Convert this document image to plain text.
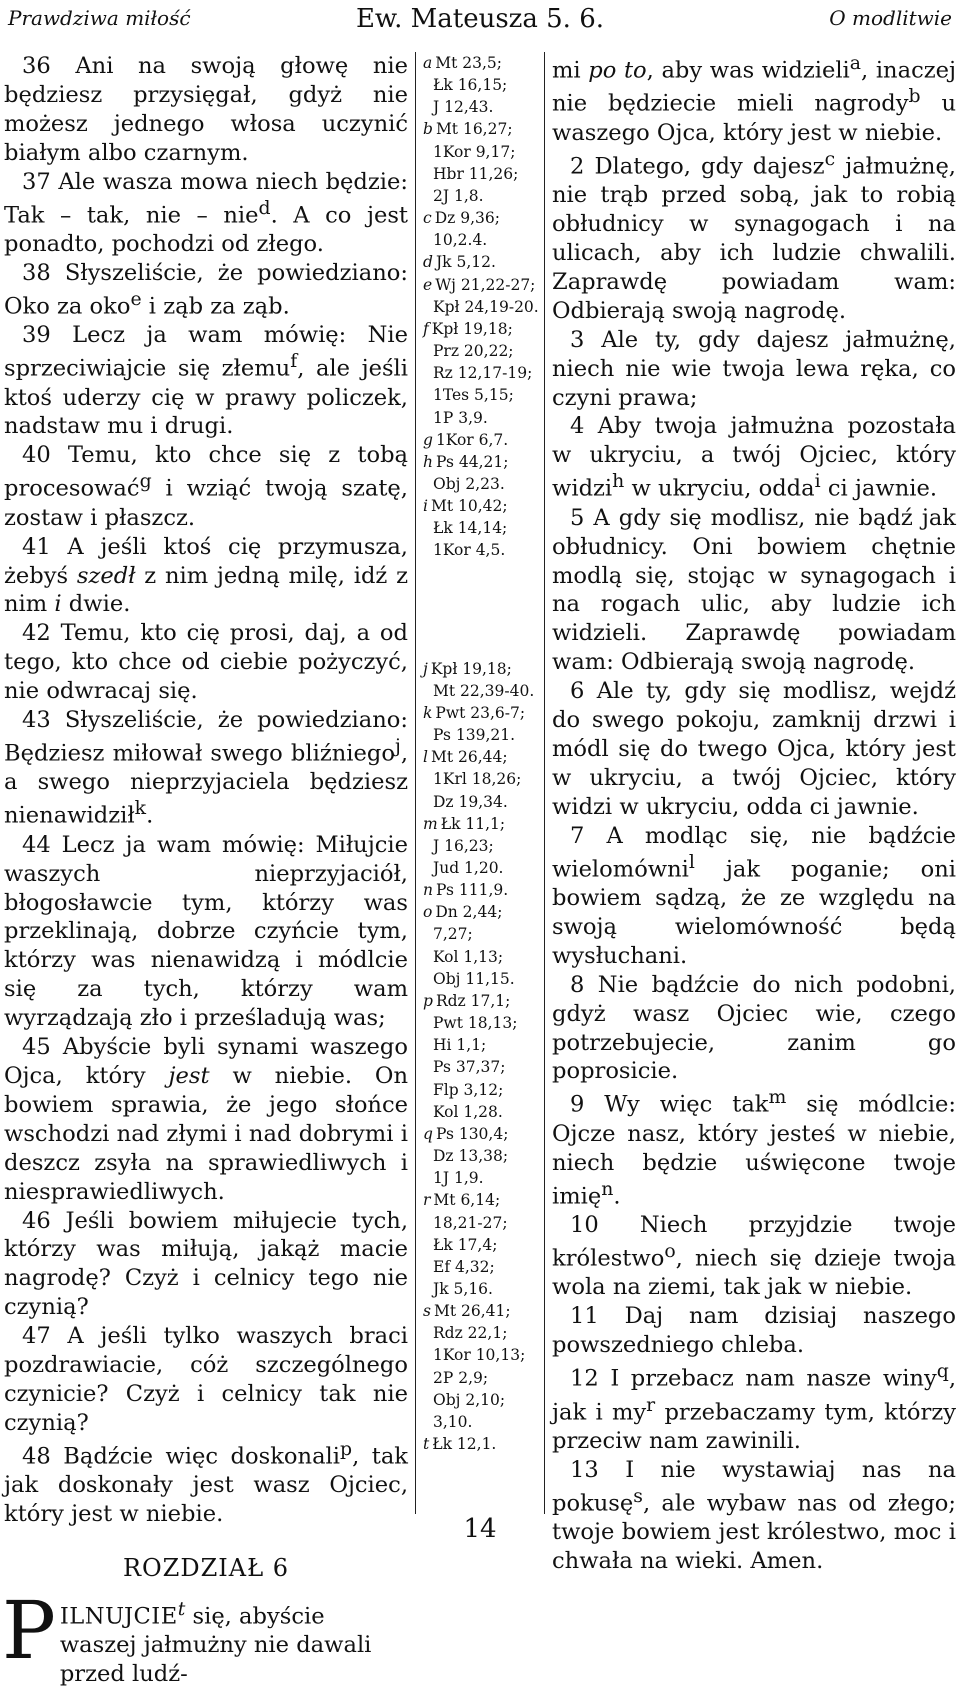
Prawdziwa miłość	Ew. Mateusza 5. 6.	O modlitwie

36 Ani na swoją głowę nie będziesz przysięgał, gdyż nie możesz jednego włosa uczynić białym albo czarnym.

37 Ale wasza mowa niech będzie: Tak – tak, nie – nie$^d$. A co jest ponadto, pochodzi od złego.

38 Słyszeliście, że powiedziano: Oko za oko$^e$ i ząb za ząb.

39 Lecz ja wam mówię: Nie sprzeciwiajcie się złemu$^f$, ale jeśli ktoś uderzy cię w prawy policzek, nadstaw mu i drugi.

40 Temu, kto chce się z tobą procesować$^g$ i wziąć twoją szatę, zostaw i płaszcz.

41 A jeśli ktoś cię przymusza, żebyś szedł z nim jedną milę, idź z nim i dwie.

42 Temu, kto cię prosi, daj, a od tego, kto chce od ciebie pożyczyć, nie odwracaj się.

43 Słyszeliście, że powiedziano: Będziesz miłował swego bliźniego$^j$, a swego nieprzyjaciela będziesz nienawidził$^k$.

44 Lecz ja wam mówię: Miłujcie waszych nieprzyjaciół, błogosławcie tym, którzy was przeklinają, dobrze czyńcie tym, którzy was nienawidzą i módlcie się za tych, którzy wam wyrządzają zło i prześladują was;

45 Abyście byli synami waszego Ojca, który jest w niebie. On bowiem sprawia, że jego słońce wschodzi nad złymi i nad dobrymi i deszcz zsyła na sprawiedliwych i niesprawiedliwych.

46 Jeśli bowiem miłujecie tych, którzy was miłują, jakąż macie nagrodę? Czyż i celnicy tego nie czynią?

47 A jeśli tylko waszych braci pozdrawiacie, cóż szczególnego czynicie? Czyż i celnicy tak nie czynią?

48 Bądźcie więc doskonali$^p$, tak jak doskonały jest wasz Ojciec, który jest w niebie.

ROZDZIAŁ 6

PILNUJCIE$^t$ się, abyście waszej jałmużny nie dawali przed ludź-

a Mt 23,5;
Łk 16,15;
J 12,43.
b Mt 16,27;
1Kor 9,17;
Hbr 11,26;
2J 1,8.
c Dz 9,36;
10,2.4.
d Jk 5,12.
e Wj 21,22-27;
Kpł 24,19-20.
f Kpł 19,18;
Prz 20,22;
Rz 12,17-19;
1Tes 5,15;
1P 3,9.
g 1Kor 6,7.
h Ps 44,21;
Obj 2,23.
i Mt 10,42;
Łk 14,14;
1Kor 4,5.
j Kpł 19,18;
Mt 22,39-40.
k Pwt 23,6-7;
Ps 139,21.
l Mt 26,44;
1Krl 18,26;
Dz 19,34.
m Łk 11,1;
J 16,23;
Jud 1,20.
n Ps 111,9.
o Dn 2,44;
7,27;
Kol 1,13;
Obj 11,15.
p Rdz 17,1;
Pwt 18,13;
Hi 1,1;
Ps 37,37;
Flp 3,12;
Kol 1,28.
q Ps 130,4;
Dz 13,38;
1J 1,9.
r Mt 6,14;
18,21-27;
Łk 17,4;
Ef 4,32;
Jk 5,16.
s Mt 26,41;
Rdz 22,1;
1Kor 10,13;
2P 2,9;
Obj 2,10;
3,10.
t Łk 12,1.

mi po to, aby was widzieli$^a$, inaczej nie będziecie mieli nagrody$^b$ u waszego Ojca, który jest w niebie.

2 Dlatego, gdy dajesz$^c$ jałmużnę, nie trąb przed sobą, jak to robią obłudnicy w synagogach i na ulicach, aby ich ludzie chwalili. Zaprawdę powiadam wam: Odbierają swoją nagrodę.

3 Ale ty, gdy dajesz jałmużnę, niech nie wie twoja lewa ręka, co czyni prawa;

4 Aby twoja jałmużna pozostała w ukryciu, a twój Ojciec, który widzi$^h$ w ukryciu, odda$^i$ ci jawnie.

5 A gdy się modlisz, nie bądź jak obłudnicy. Oni bowiem chętnie modlą się, stojąc w synagogach i na rogach ulic, aby ludzie ich widzieli. Zaprawdę powiadam wam: Odbierają swoją nagrodę.

6 Ale ty, gdy się modlisz, wejdź do swego pokoju, zamknij drzwi i módl się do twego Ojca, który jest w ukryciu, a twój Ojciec, który widzi w ukryciu, odda ci jawnie.

7 A modląc się, nie bądźcie wielomówni$^l$ jak poganie; oni bowiem sądzą, że ze względu na swoją wielomówność będą wysłuchani.

8 Nie bądźcie do nich podobni, gdyż wasz Ojciec wie, czego potrzebujecie, zanim go poprosicie.

9 Wy więc tak$^m$ się módlcie: Ojcze nasz, który jesteś w niebie, niech będzie uświęcone twoje imię$^n$.

10 Niech przyjdzie twoje królestwo$^o$, niech się dzieje twoja wola na ziemi, tak jak w niebie.

11 Daj nam dzisiaj naszego powszedniego chleba.

12 I przebacz nam nasze winy$^q$, jak i $my^r$ przebaczamy tym, którzy przeciw nam zawinili.

13 I nie wystawiaj nas na pokusę$^s$, ale wybaw nas od złego; twoje bowiem jest królestwo, moc i chwała na wieki. Amen.

14
